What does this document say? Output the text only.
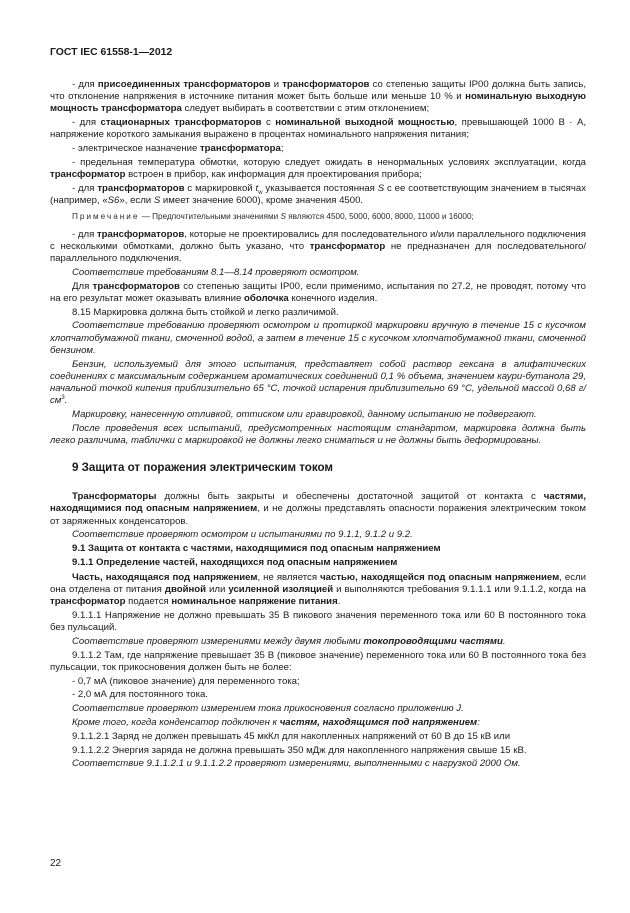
ГОСТ IEC 61558-1—2012

- для присоединенных трансформаторов и трансформаторов со степенью защиты IP00 должна быть запись, что отклонение напряжения в источнике питания может быть больше или меньше 10 % и номинальную выходную мощность трансформатора следует выбирать в соответствии с этим отклонением;

- для стационарных трансформаторов с номинальной выходной мощностью, превышающей 1000 В · А, напряжение короткого замыкания выражено в процентах номинального напряжения питания;

- электрическое назначение трансформатора;

- предельная температура обмотки, которую следует ожидать в ненормальных условиях эксплуатации, когда трансформатор встроен в прибор, как информация для проектирования прибора;

- для трансформаторов с маркировкой $t_w$ указывается постоянная S с ее соответствующим значением в тысячах (например, «S6», если S имеет значение 6000), кроме значения 4500.

Примечание — Предпочтительными значениями S являются 4500, 5000, 6000, 8000, 11000 и 16000;

- для трансформаторов, которые не проектировались для последовательного и/или параллельного подключения с несколькими обмотками, должно быть указано, что трансформатор не предназначен для последовательного/параллельного подключения.

Соответствие требованиям 8.1—8.14 проверяют осмотром.

Для трансформаторов со степенью защиты IP00, если применимо, испытания по 27.2, не проводят, потому что на его результат может оказывать влияние оболочка конечного изделия.

8.15 Маркировка должна быть стойкой и легко различимой.

Соответствие требованию проверяют осмотром и протиркой маркировки вручную в течение 15 с кусочком хлопчатобумажной ткани, смоченной водой, а затем в течение 15 с кусочком хлопчатобумажной ткани, смоченной бензином.

Бензин, используемый для этого испытания, представляет собой раствор гексана в алифатических соединениях с максимальным содержанием ароматических соединений 0,1 % объема, значением каури-бутанола 29, начальной точкой кипения приблизительно 65 °С, точкой испарения приблизительно 69 °С, удельной массой 0,68 $г/см^3$.

Маркировку, нанесенную отливкой, оттиском или гравировкой, данному испытанию не подвергают.

После проведения всех испытаний, предусмотренных настоящим стандартом, маркировка должна быть легко различима, таблички с маркировкой не должны легко сниматься и не должны быть деформированы.

9 Защита от поражения электрическим током

Трансформаторы должны быть закрыты и обеспечены достаточной защитой от контакта с частями, находящимися под опасным напряжением, и не должны представлять опасности поражения электрическим током от заряженных конденсаторов.

Соответствие проверяют осмотром и испытаниями по 9.1.1, 9.1.2 и 9.2.

9.1 Защита от контакта с частями, находящимися под опасным напряжением

9.1.1 Определение частей, находящихся под опасным напряжением

Часть, находящаяся под напряжением, не является частью, находящейся под опасным напряжением, если она отделена от питания двойной или усиленной изоляцией и выполняются требования 9.1.1.1 или 9.1.1.2, когда на трансформатор подается номинальное напряжение питания.

9.1.1.1 Напряжение не должно превышать 35 В пикового значения переменного тока или 60 В постоянного тока без пульсаций.

Соответствие проверяют измерениями между двумя любыми токопроводящими частями.

9.1.1.2 Там, где напряжение превышает 35 В (пиковое значение) переменного тока или 60 В постоянного тока без пульсации, ток прикосновения должен быть не более:

- 0,7 мА (пиковое значение) для переменного тока;

- 2,0 мА для постоянного тока.

Соответствие проверяют измерением тока прикосновения согласно приложению J.

Кроме того, когда конденсатор подключен к частям, находящимся под напряжением:

9.1.1.2.1 Заряд не должен превышать 45 мкКл для накопленных напряжений от 60 В до 15 кВ или

9.1.1.2.2 Энергия заряда не должна превышать 350 мДж для накопленного напряжения свыше 15 кВ.

Соответствие 9.1.1.2.1 и 9.1.1.2.2 проверяют измерениями, выполненными с нагрузкой 2000 Ом.

22
